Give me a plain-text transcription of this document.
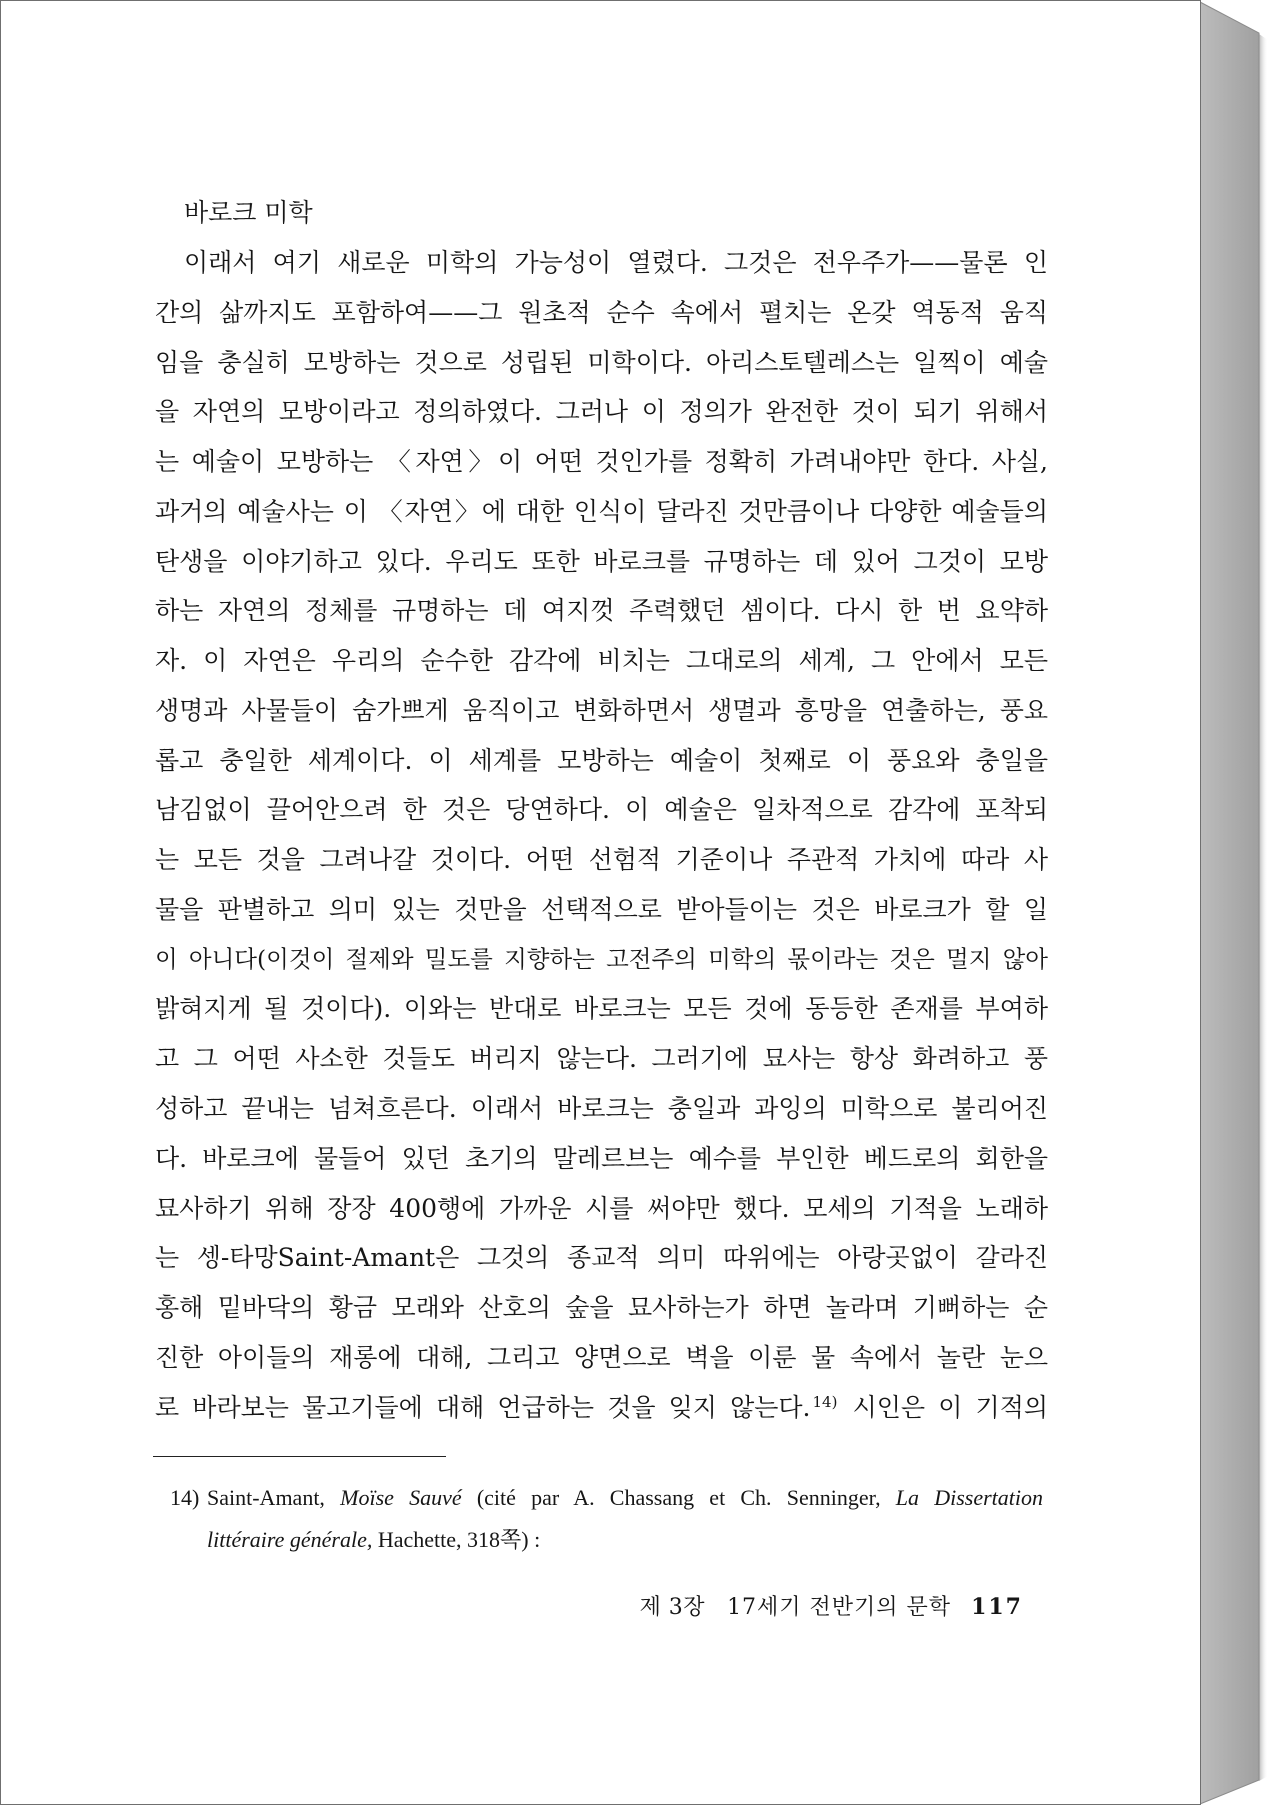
바로크 미학
이래서 여기 새로운 미학의 가능성이 열렸다. 그것은 전우주가——물론 인
간의 삶까지도 포함하여——그 원초적 순수 속에서 펼치는 온갖 역동적 움직
임을 충실히 모방하는 것으로 성립된 미학이다. 아리스토텔레스는 일찍이 예술
을 자연의 모방이라고 정의하였다. 그러나 이 정의가 완전한 것이 되기 위해서
는 예술이 모방하는 〈자연〉이 어떤 것인가를 정확히 가려내야만 한다. 사실,
과거의 예술사는 이 〈자연〉에 대한 인식이 달라진 것만큼이나 다양한 예술들의
탄생을 이야기하고 있다. 우리도 또한 바로크를 규명하는 데 있어 그것이 모방
하는 자연의 정체를 규명하는 데 여지껏 주력했던 셈이다. 다시 한 번 요약하
자. 이 자연은 우리의 순수한 감각에 비치는 그대로의 세계, 그 안에서 모든
생명과 사물들이 숨가쁘게 움직이고 변화하면서 생멸과 흥망을 연출하는, 풍요
롭고 충일한 세계이다. 이 세계를 모방하는 예술이 첫째로 이 풍요와 충일을
남김없이 끌어안으려 한 것은 당연하다. 이 예술은 일차적으로 감각에 포착되
는 모든 것을 그려나갈 것이다. 어떤 선험적 기준이나 주관적 가치에 따라 사
물을 판별하고 의미 있는 것만을 선택적으로 받아들이는 것은 바로크가 할 일
이 아니다(이것이 절제와 밀도를 지향하는 고전주의 미학의 몫이라는 것은 멀지 않아
밝혀지게 될 것이다). 이와는 반대로 바로크는 모든 것에 동등한 존재를 부여하
고 그 어떤 사소한 것들도 버리지 않는다. 그러기에 묘사는 항상 화려하고 풍
성하고 끝내는 넘쳐흐른다. 이래서 바로크는 충일과 과잉의 미학으로 불리어진
다. 바로크에 물들어 있던 초기의 말레르브는 예수를 부인한 베드로의 회한을
묘사하기 위해 장장 400행에 가까운 시를 써야만 했다. 모세의 기적을 노래하
는 셍-타망Saint-Amant은 그것의 종교적 의미 따위에는 아랑곳없이 갈라진
홍해 밑바닥의 황금 모래와 산호의 숲을 묘사하는가 하면 놀라며 기뻐하는 순
진한 아이들의 재롱에 대해, 그리고 양면으로 벽을 이룬 물 속에서 놀란 눈으
로 바라보는 물고기들에 대해 언급하는 것을 잊지 않는다. $^{14)}$ 시인은 이 기적의
14) Saint-Amant, Moïse Sauvé (cité par A. Chassang et Ch. Senninger, La Dissertation
littéraire générale, Hachette, 318쪽) :
제 3장 17세기 전반기의 문학 117
